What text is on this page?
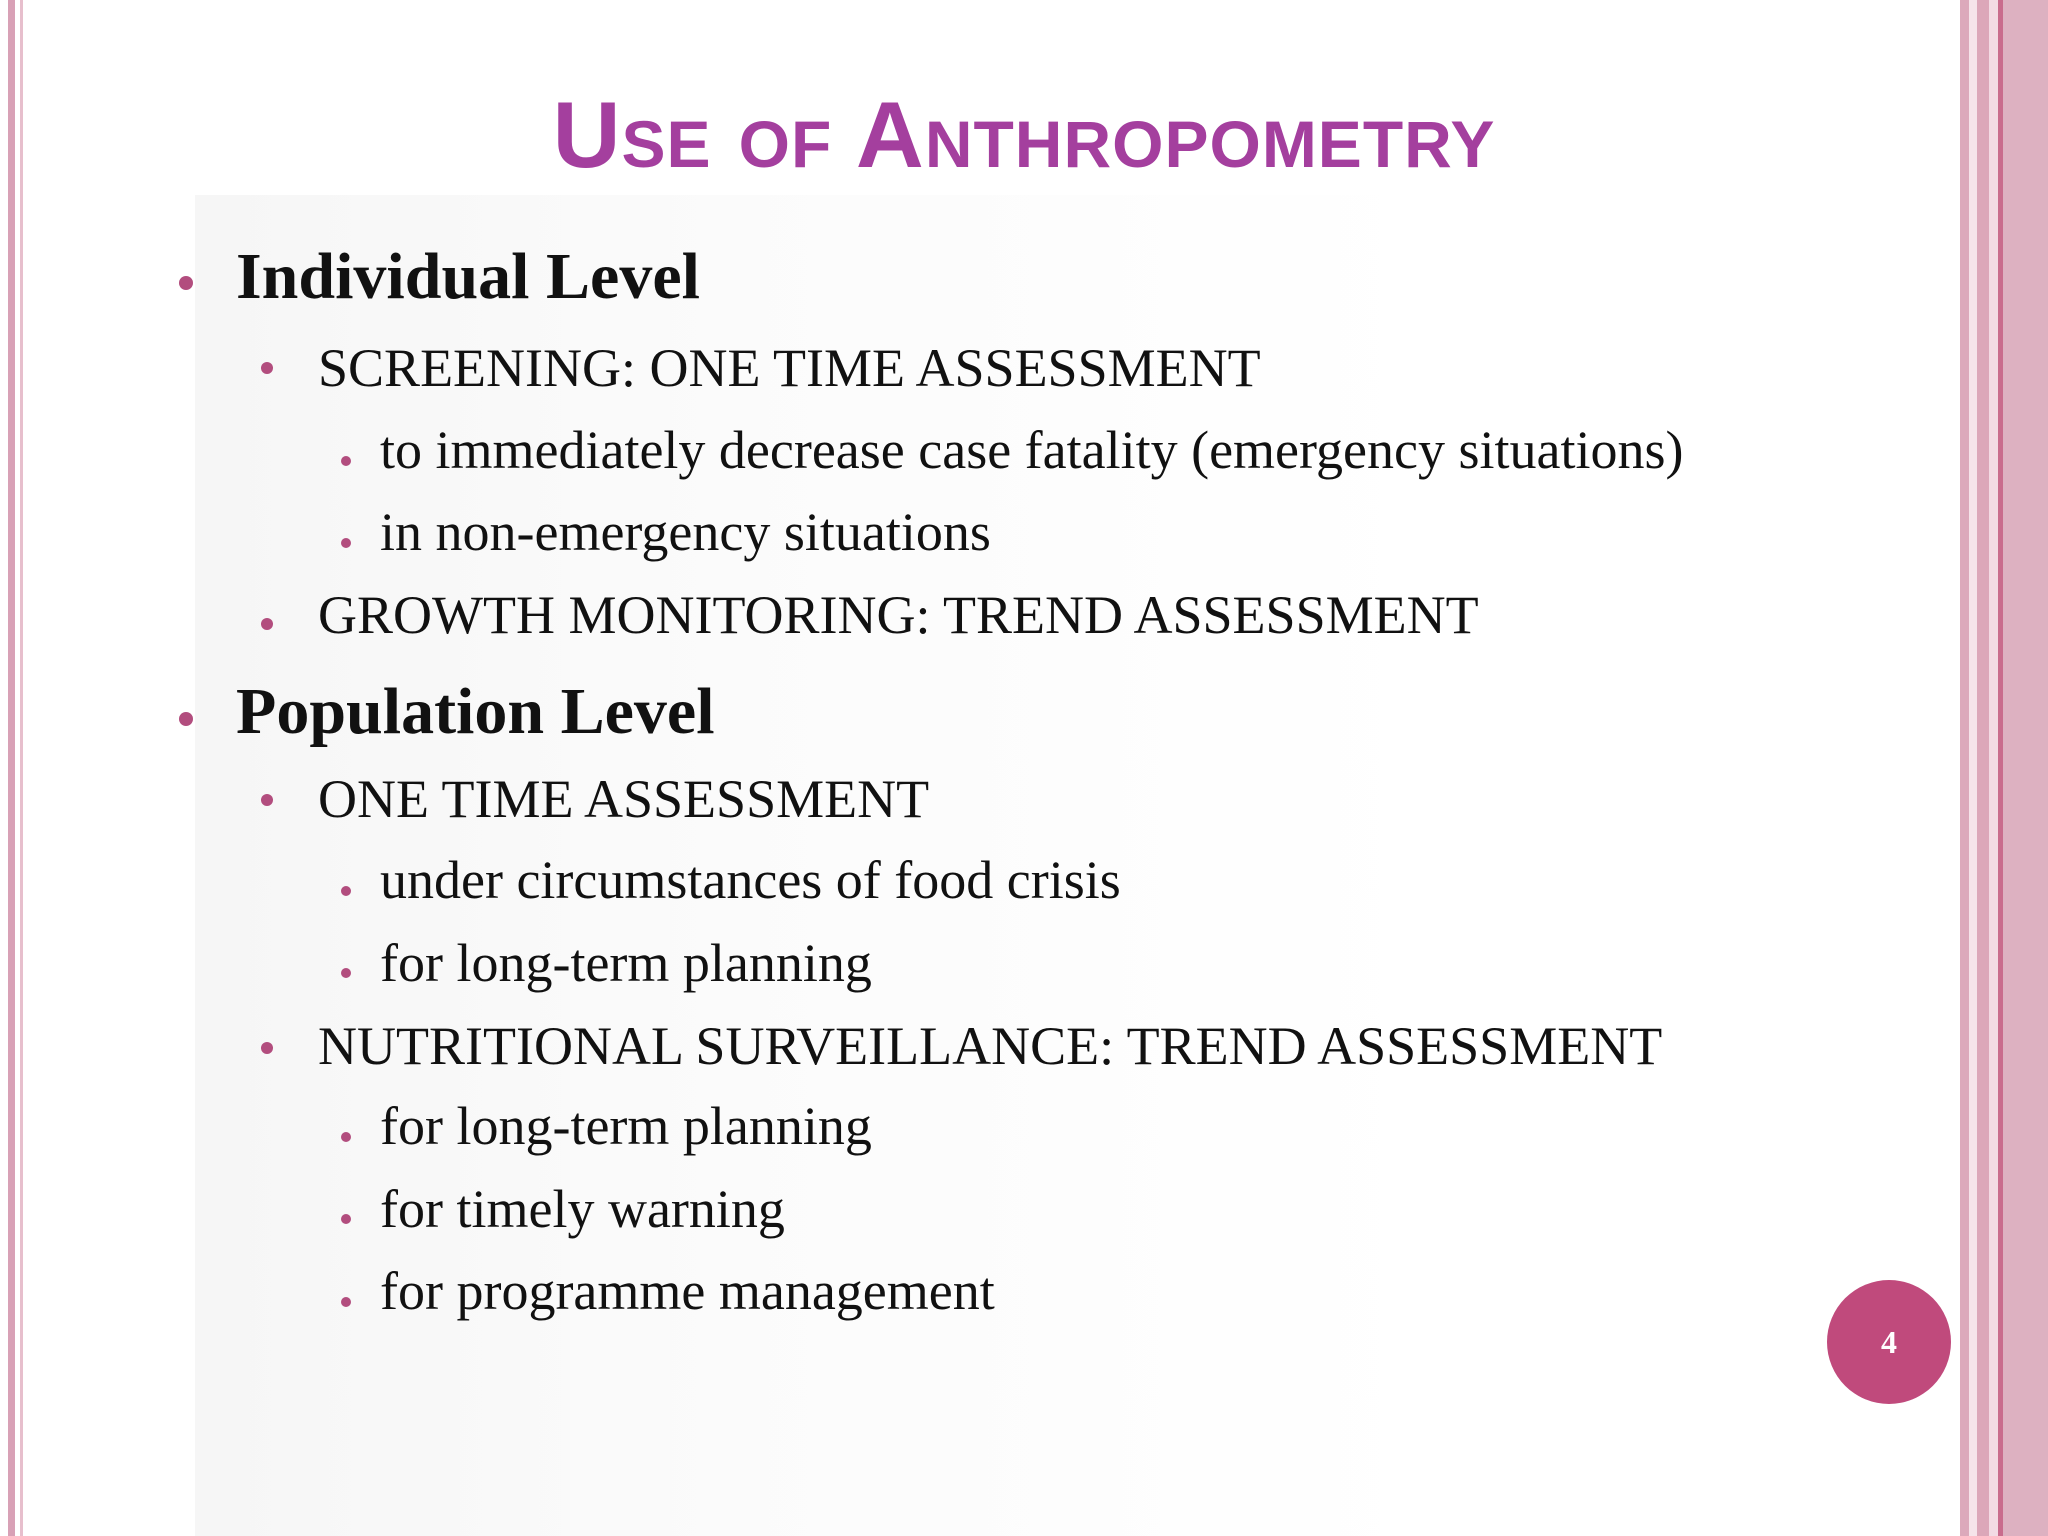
Use of Anthropometry
Individual Level
SCREENING: ONE TIME ASSESSMENT
to immediately decrease case fatality (emergency situations)
in non-emergency situations
GROWTH MONITORING: TREND ASSESSMENT
Population Level
ONE TIME ASSESSMENT
under circumstances of food crisis
for long-term planning
NUTRITIONAL SURVEILLANCE: TREND ASSESSMENT
for long-term planning
for timely warning
for programme management
4
